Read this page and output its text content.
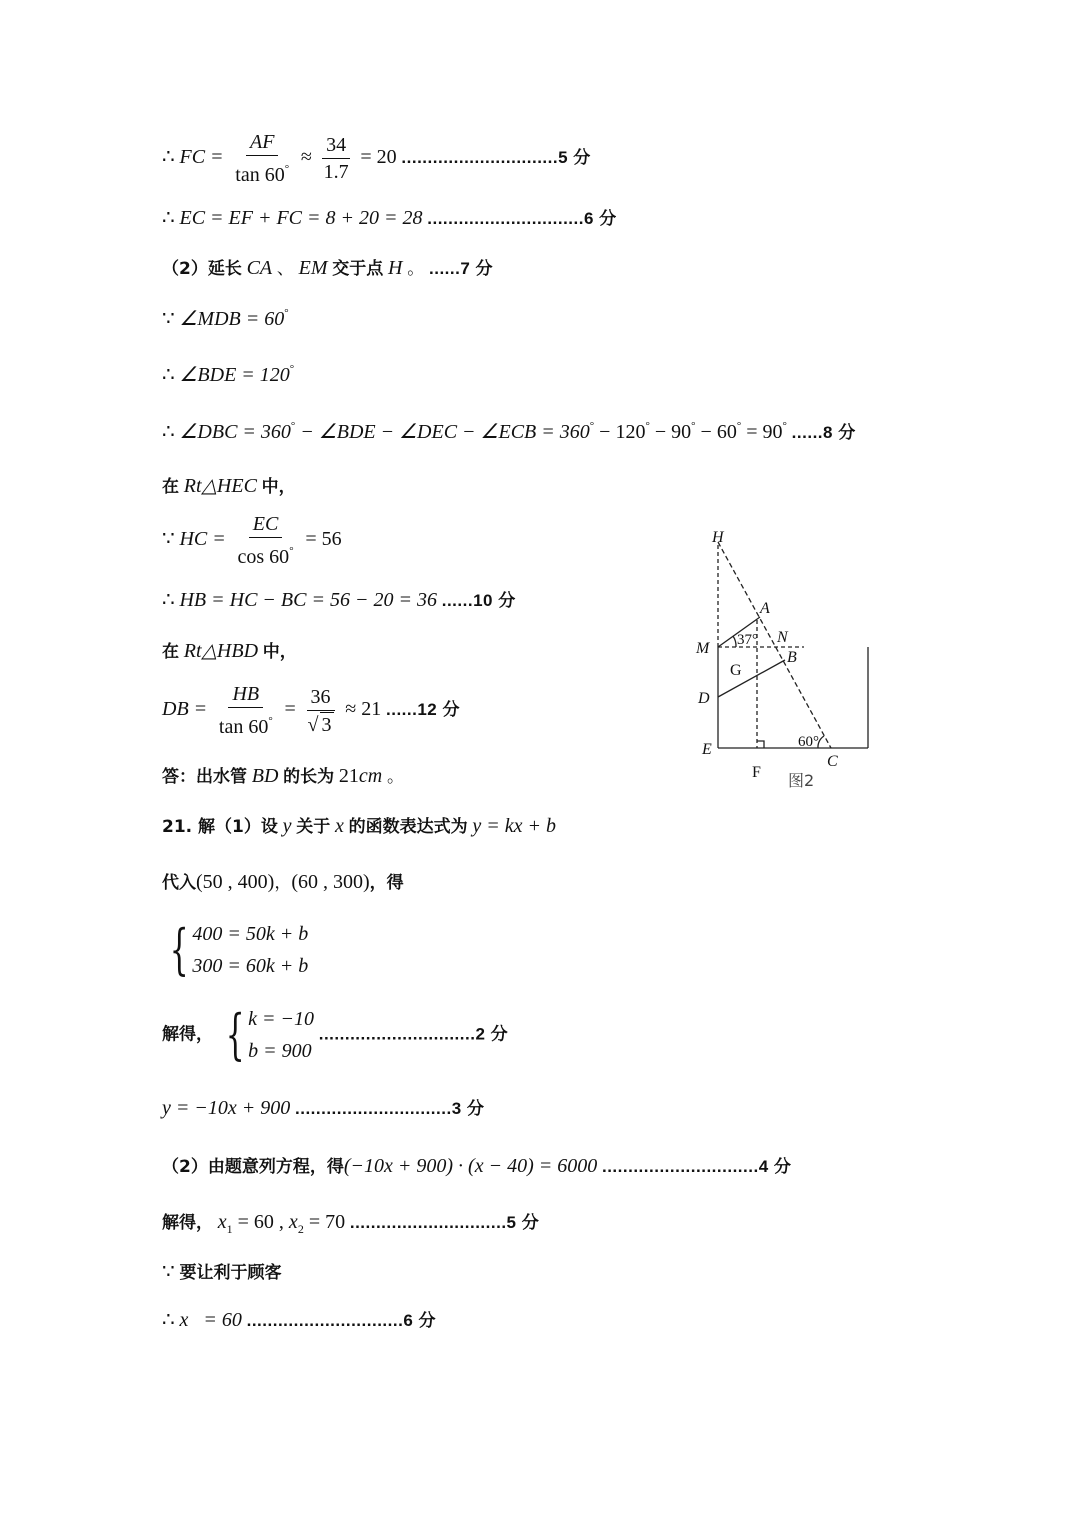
∴ FC = $\frac{AF}{\tan 60^\circ} \approx \frac{34}{1.7} = 20$ ..............................5 分
∴ EC = EF + FC = 8 + 20 = 28 ..............................6 分
（2）延长 CA 、 EM 交于点 H 。 ......7 分
∵ ∠MDB = 60°
∴ ∠BDE = 120°
∴ ∠DBC = 360° − ∠BDE − ∠DEC − ∠ECB = 360° − 120° − 90° − 60° = 90° ......8 分
在 Rt△HEC 中，
∵ HC = $\frac{EC}{\cos 60^\circ} = 56$
∴ HB = HC − BC = 56 − 20 = 36 ......10 分
在 Rt△HBD 中，
DB = $\frac{HB}{\tan 60^\circ} = \frac{36}{√ 3} \approx 21$ ......12 分
答：出水管 BD 的长为 21cm 。
21. 解（1）设 y 关于 x 的函数表达式为 y = kx + b
代入(50 , 400)，(60 , 300)，得
{ 400 = 50k + b
300 = 60k + b
解得， { k = −10
b = 900
..............................2 分
y = −10x + 900 ..............................3 分
（2）由题意列方程，得(−10x + 900) · (x − 40) = 6000 ..............................4 分
解得， $x_1 = 60$ , $x_2 = 70$ ..............................5 分
∵ 要让利于顾客
∴ x   = 60 ..............................6 分
H
A
N
M
B
G
D
E
F
C
37°
60°
图2
